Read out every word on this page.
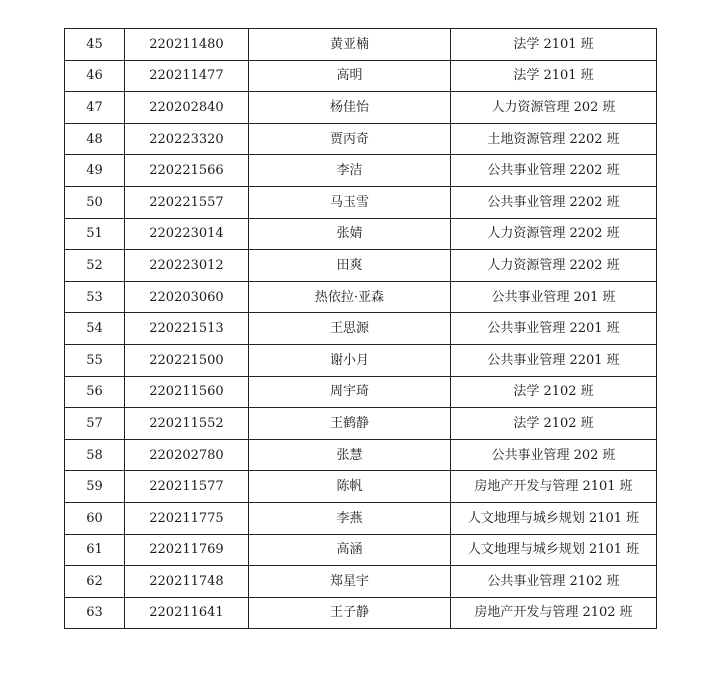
45	220211480	黄亚楠	法学 2101 班
46	220211477	高明	法学 2101 班
47	220202840	杨佳怡	人力资源管理 202 班
48	220223320	贾丙奇	土地资源管理 2202 班
49	220221566	李洁	公共事业管理 2202 班
50	220221557	马玉雪	公共事业管理 2202 班
51	220223014	张婧	人力资源管理 2202 班
52	220223012	田爽	人力资源管理 2202 班
53	220203060	热依拉·亚森	公共事业管理 201 班
54	220221513	王思源	公共事业管理 2201 班
55	220221500	谢小月	公共事业管理 2201 班
56	220211560	周宇琦	法学 2102 班
57	220211552	王鹤静	法学 2102 班
58	220202780	张慧	公共事业管理 202 班
59	220211577	陈帆	房地产开发与管理 2101 班
60	220211775	李燕	人文地理与城乡规划 2101 班
61	220211769	高涵	人文地理与城乡规划 2101 班
62	220211748	郑星宇	公共事业管理 2102 班
63	220211641	王子静	房地产开发与管理 2102 班
